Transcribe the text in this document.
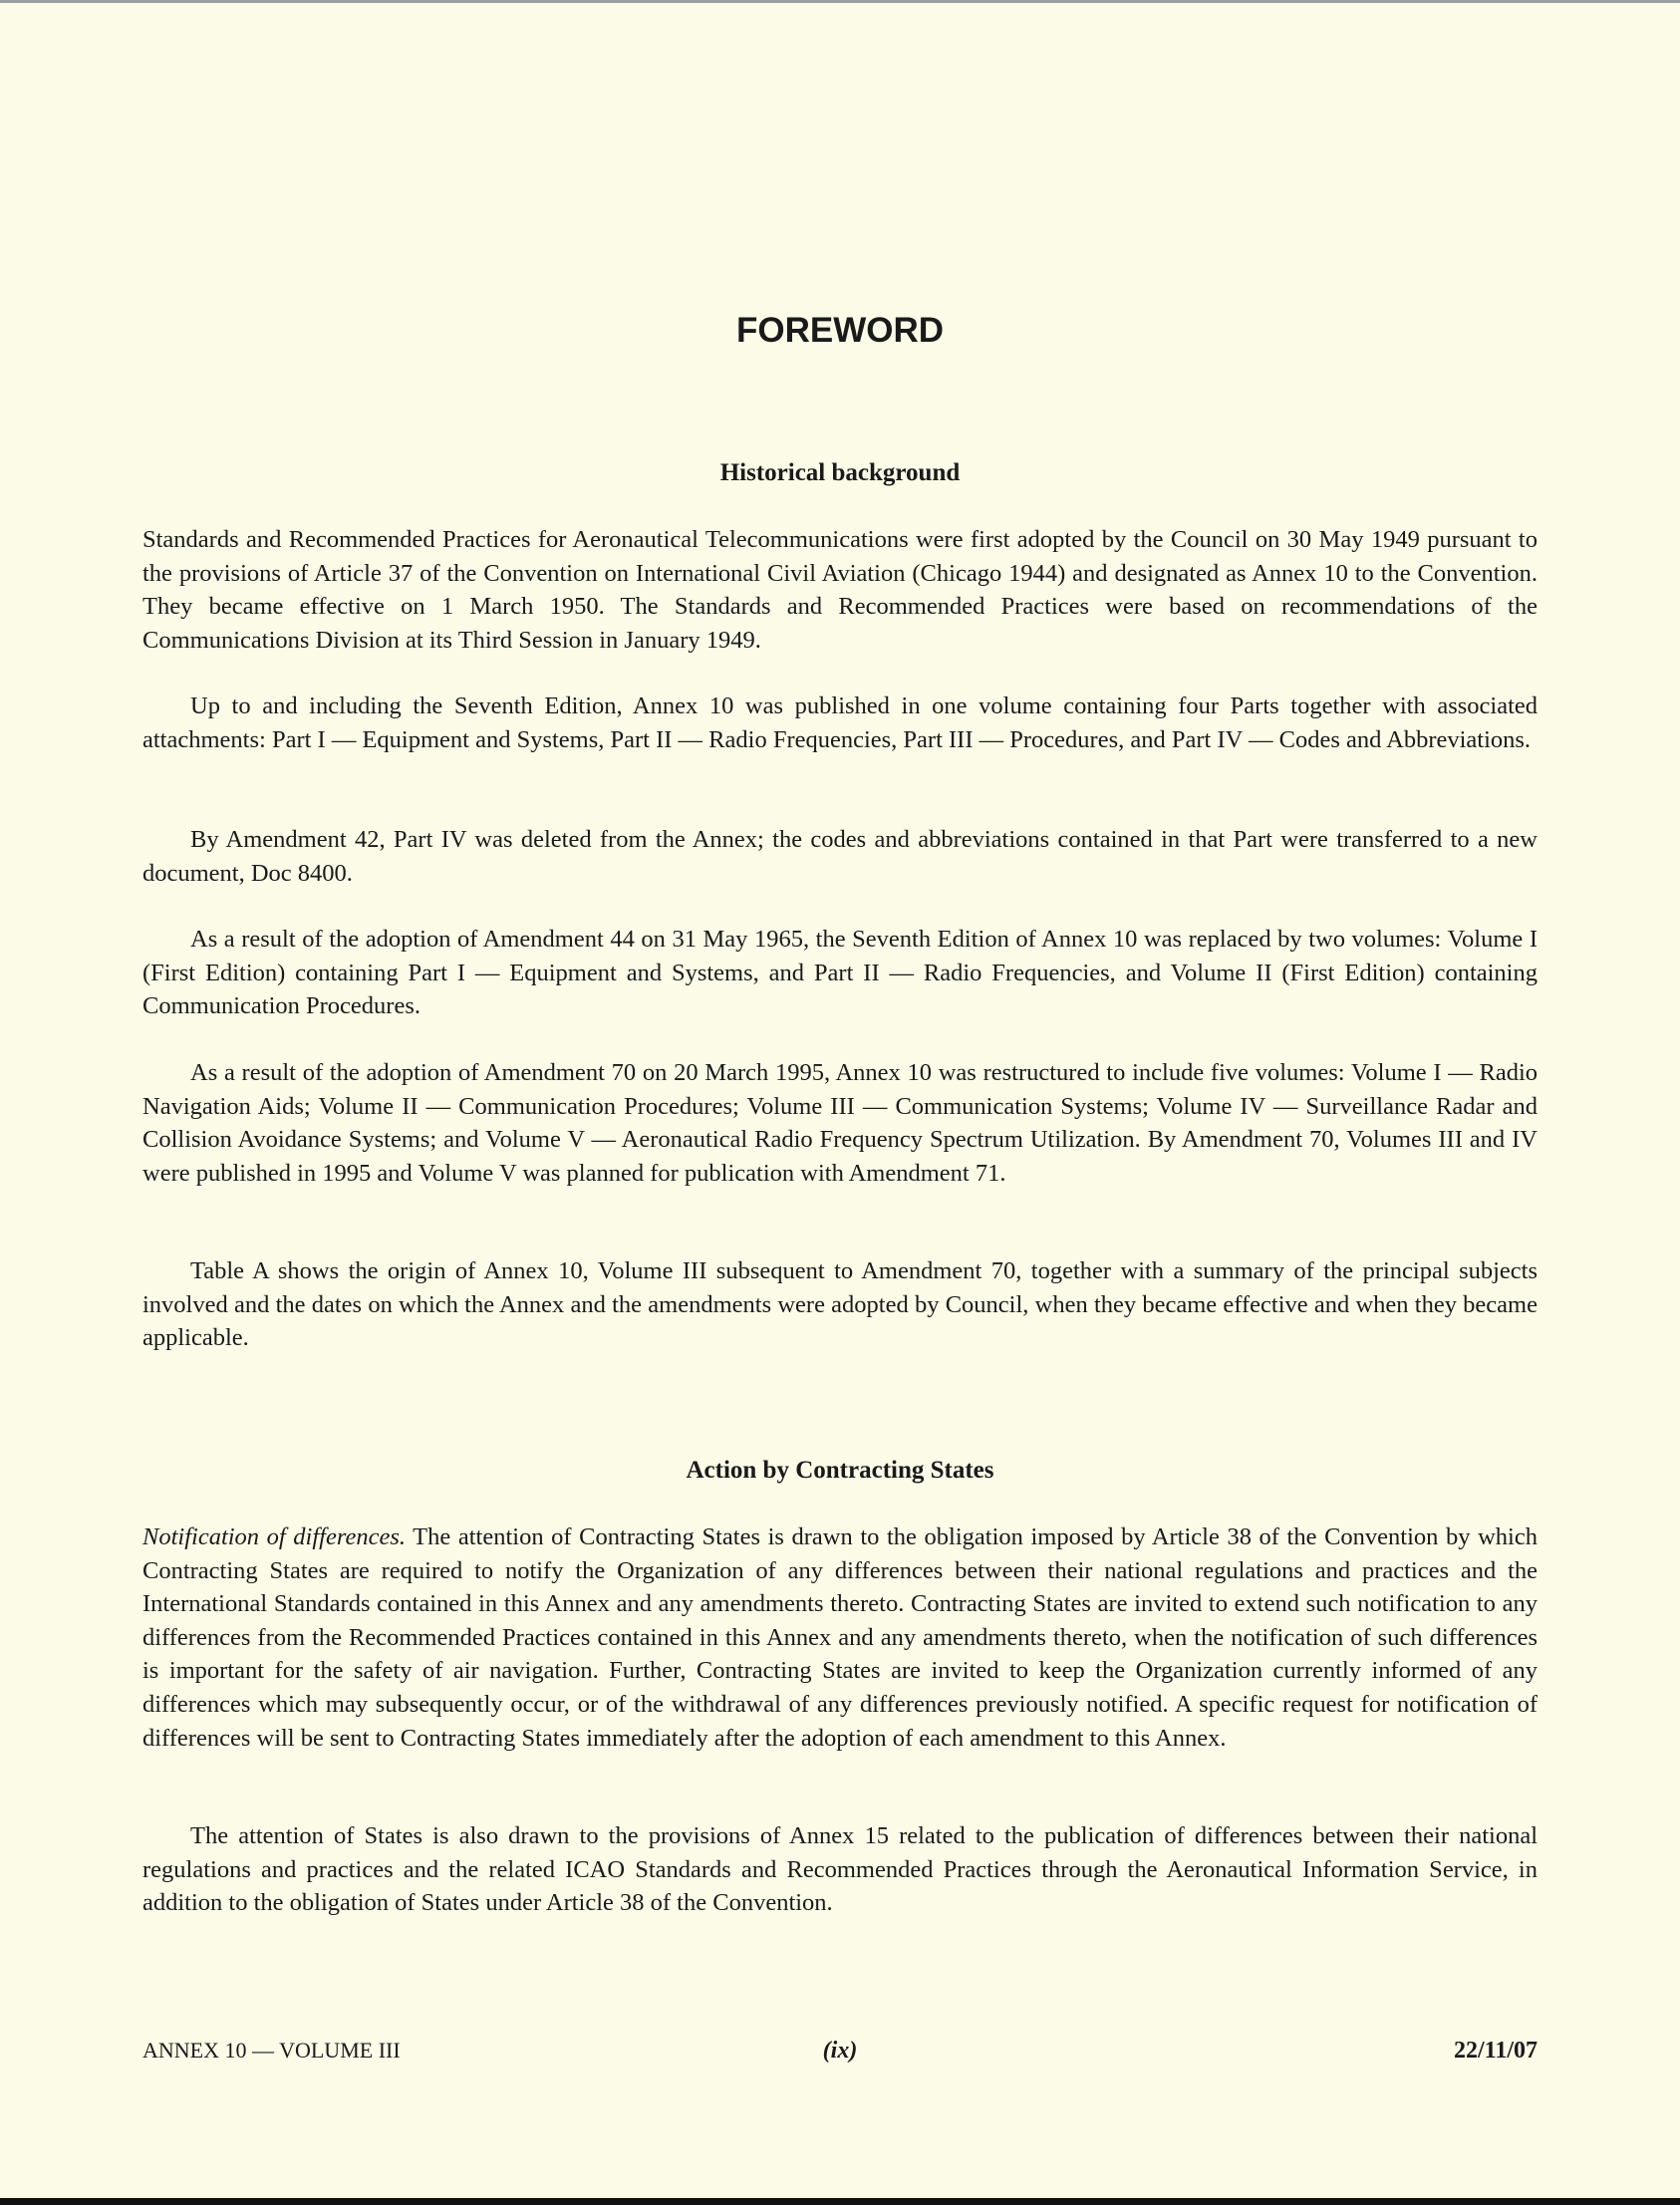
FOREWORD
Historical background

Standards and Recommended Practices for Aeronautical Telecommunications were first adopted by the Council on 30 May 1949 pursuant to the provisions of Article 37 of the Convention on International Civil Aviation (Chicago 1944) and designated as Annex 10 to the Convention. They became effective on 1 March 1950. The Standards and Recommended Practices were based on recommendations of the Communications Division at its Third Session in January 1949.

Up to and including the Seventh Edition, Annex 10 was published in one volume containing four Parts together with associated attachments: Part I — Equipment and Systems, Part II — Radio Frequencies, Part III — Procedures, and Part IV — Codes and Abbreviations.

By Amendment 42, Part IV was deleted from the Annex; the codes and abbreviations contained in that Part were transferred to a new document, Doc 8400.

As a result of the adoption of Amendment 44 on 31 May 1965, the Seventh Edition of Annex 10 was replaced by two volumes: Volume I (First Edition) containing Part I — Equipment and Systems, and Part II — Radio Frequencies, and Volume II (First Edition) containing Communication Procedures.

As a result of the adoption of Amendment 70 on 20 March 1995, Annex 10 was restructured to include five volumes: Volume I — Radio Navigation Aids; Volume II — Communication Procedures; Volume III — Communication Systems; Volume IV — Surveillance Radar and Collision Avoidance Systems; and Volume V — Aeronautical Radio Frequency Spectrum Utilization. By Amendment 70, Volumes III and IV were published in 1995 and Volume V was planned for publication with Amendment 71.

Table A shows the origin of Annex 10, Volume III subsequent to Amendment 70, together with a summary of the principal subjects involved and the dates on which the Annex and the amendments were adopted by Council, when they became effective and when they became applicable.

Action by Contracting States

Notification of differences. The attention of Contracting States is drawn to the obligation imposed by Article 38 of the Convention by which Contracting States are required to notify the Organization of any differences between their national regulations and practices and the International Standards contained in this Annex and any amendments thereto. Contracting States are invited to extend such notification to any differences from the Recommended Practices contained in this Annex and any amendments thereto, when the notification of such differences is important for the safety of air navigation. Further, Contracting States are invited to keep the Organization currently informed of any differences which may subsequently occur, or of the withdrawal of any differences previously notified. A specific request for notification of differences will be sent to Contracting States immediately after the adoption of each amendment to this Annex.

The attention of States is also drawn to the provisions of Annex 15 related to the publication of differences between their national regulations and practices and the related ICAO Standards and Recommended Practices through the Aeronautical Information Service, in addition to the obligation of States under Article 38 of the Convention.

ANNEX 10 — VOLUME III	(ix)	22/11/07
